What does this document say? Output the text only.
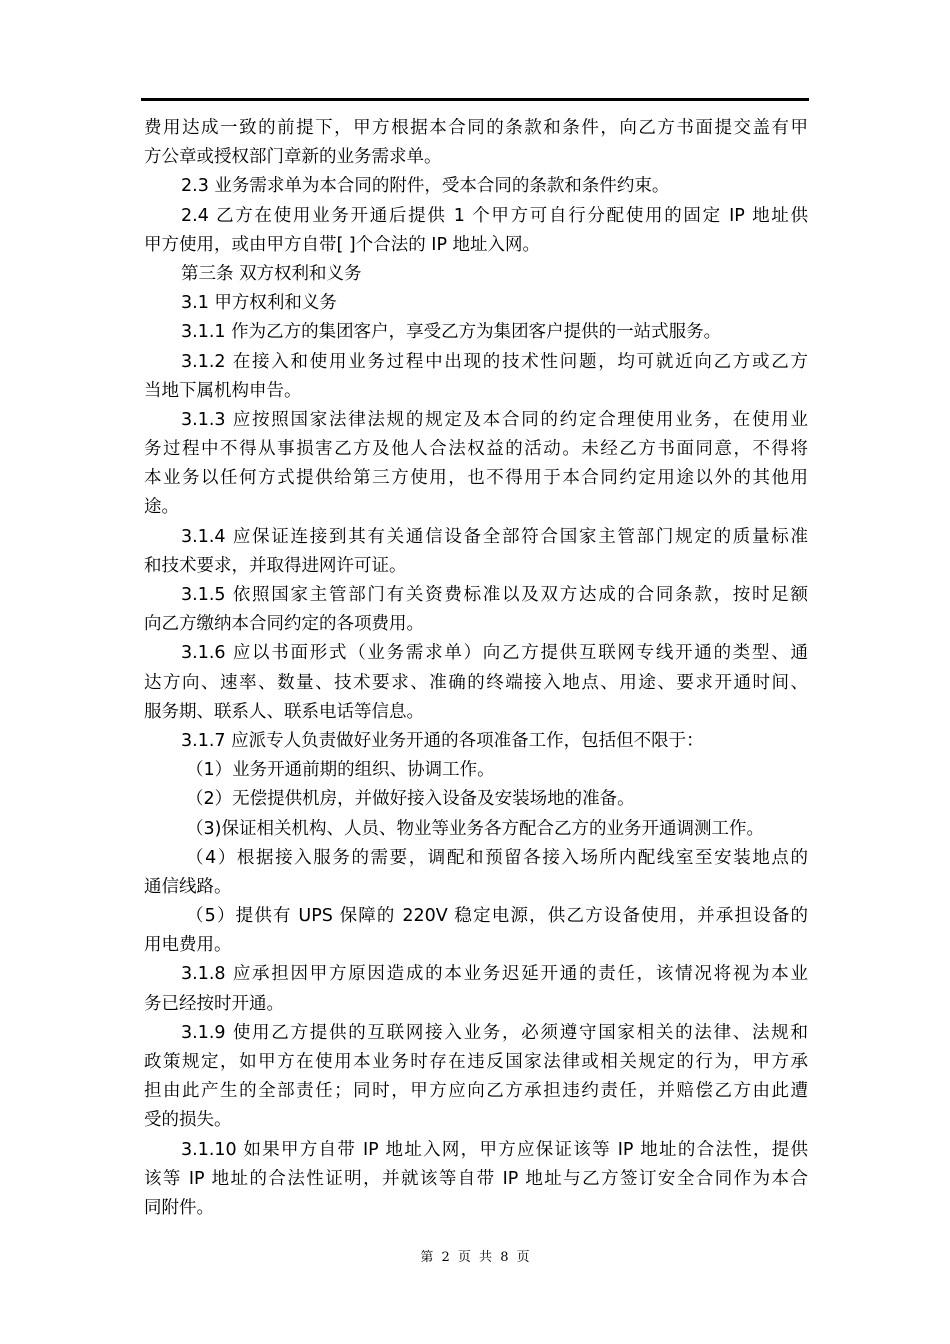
费用达成一致的前提下，甲方根据本合同的条款和条件，向乙方书面提交盖有甲
方公章或授权部门章新的业务需求单。
2.3 业务需求单为本合同的附件，受本合同的条款和条件约束。
2.4 乙方在使用业务开通后提供 1 个甲方可自行分配使用的固定 IP 地址供
甲方使用，或由甲方自带[ ]个合法的 IP 地址入网。
第三条 双方权利和义务
3.1 甲方权利和义务
3.1.1 作为乙方的集团客户，享受乙方为集团客户提供的一站式服务。
3.1.2 在接入和使用业务过程中出现的技术性问题，均可就近向乙方或乙方
当地下属机构申告。
3.1.3 应按照国家法律法规的规定及本合同的约定合理使用业务，在使用业
务过程中不得从事损害乙方及他人合法权益的活动。未经乙方书面同意，不得将
本业务以任何方式提供给第三方使用，也不得用于本合同约定用途以外的其他用
途。
3.1.4 应保证连接到其有关通信设备全部符合国家主管部门规定的质量标准
和技术要求，并取得进网许可证。
3.1.5 依照国家主管部门有关资费标准以及双方达成的合同条款，按时足额
向乙方缴纳本合同约定的各项费用。
3.1.6 应以书面形式（业务需求单）向乙方提供互联网专线开通的类型、通
达方向、速率、数量、技术要求、准确的终端接入地点、用途、要求开通时间、
服务期、联系人、联系电话等信息。
3.1.7 应派专人负责做好业务开通的各项准备工作，包括但不限于：
（1）业务开通前期的组织、协调工作。
（2）无偿提供机房，并做好接入设备及安装场地的准备。
（3)保证相关机构、人员、物业等业务各方配合乙方的业务开通调测工作。
（4）根据接入服务的需要，调配和预留各接入场所内配线室至安装地点的
通信线路。
（5）提供有 UPS 保障的 220V 稳定电源，供乙方设备使用，并承担设备的
用电费用。
3.1.8 应承担因甲方原因造成的本业务迟延开通的责任，该情况将视为本业
务已经按时开通。
3.1.9 使用乙方提供的互联网接入业务，必须遵守国家相关的法律、法规和
政策规定，如甲方在使用本业务时存在违反国家法律或相关规定的行为，甲方承
担由此产生的全部责任；同时，甲方应向乙方承担违约责任，并赔偿乙方由此遭
受的损失。
3.1.10 如果甲方自带 IP 地址入网，甲方应保证该等 IP 地址的合法性，提供
该等 IP 地址的合法性证明，并就该等自带 IP 地址与乙方签订安全合同作为本合
同附件。
第 2 页 共 8 页
